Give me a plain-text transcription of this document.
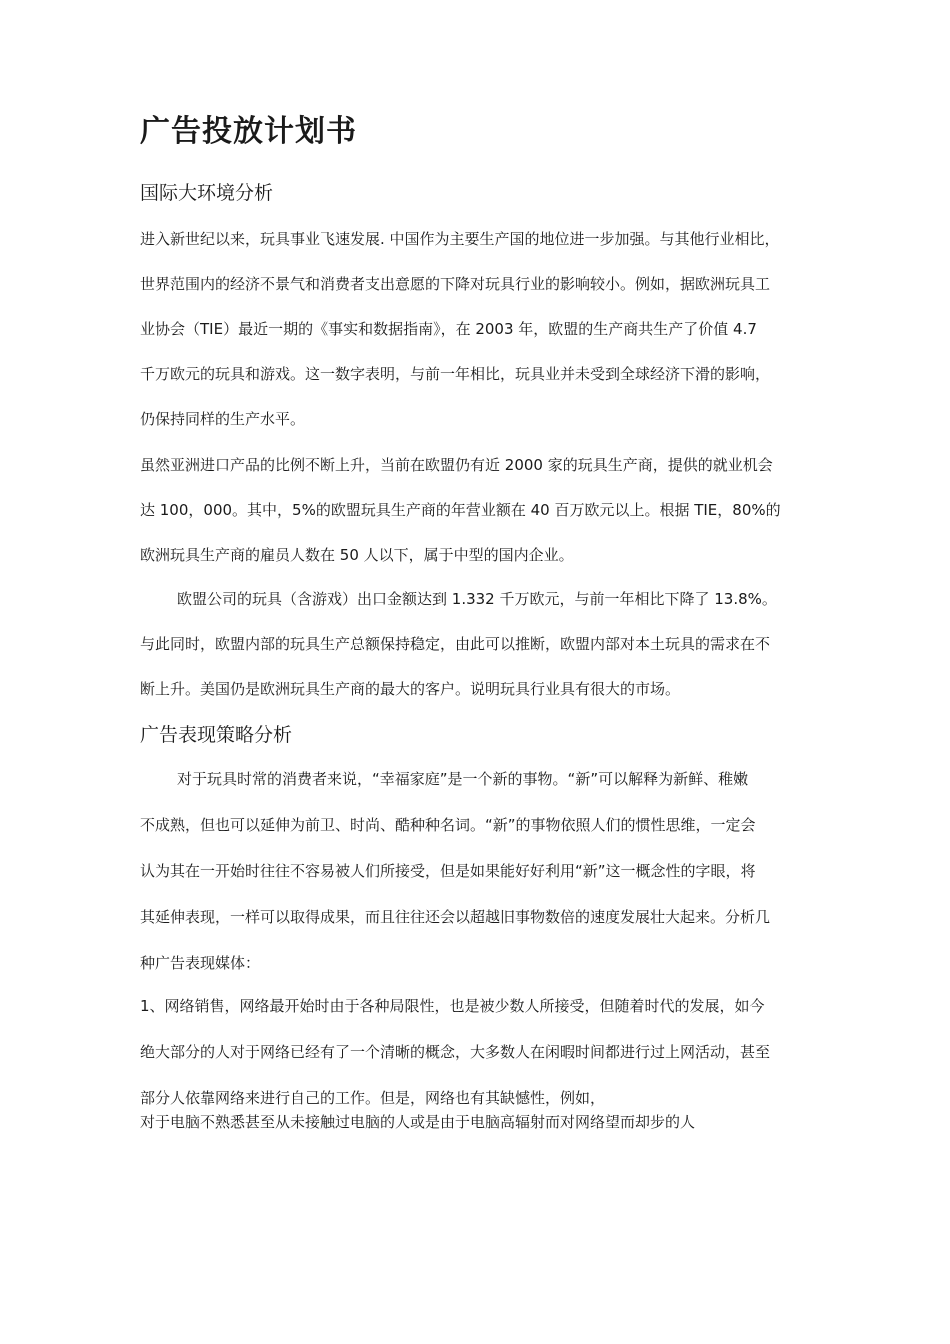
广告投放计划书
国际大环境分析
进入新世纪以来，玩具事业飞速发展. 中国作为主要生产国的地位进一步加强。与其他行业相比，
世界范围内的经济不景气和消费者支出意愿的下降对玩具行业的影响较小。例如，据欧洲玩具工
业协会（TIE）最近一期的《事实和数据指南》，在 2003 年，欧盟的生产商共生产了价值 4.7
千万欧元的玩具和游戏。这一数字表明，与前一年相比，玩具业并未受到全球经济下滑的影响，
仍保持同样的生产水平。
虽然亚洲进口产品的比例不断上升，当前在欧盟仍有近 2000 家的玩具生产商，提供的就业机会
达 100，000。其中，5%的欧盟玩具生产商的年营业额在 40 百万欧元以上。根据 TIE，80%的
欧洲玩具生产商的雇员人数在 50 人以下，属于中型的国内企业。
欧盟公司的玩具（含游戏）出口金额达到 1.332 千万欧元，与前一年相比下降了 13.8%。
与此同时，欧盟内部的玩具生产总额保持稳定，由此可以推断，欧盟内部对本土玩具的需求在不
断上升。美国仍是欧洲玩具生产商的最大的客户。说明玩具行业具有很大的市场。
广告表现策略分析
对于玩具时常的消费者来说，“幸福家庭”是一个新的事物。“新”可以解释为新鲜、稚嫩
不成熟，但也可以延伸为前卫、时尚、酷种种名词。“新”的事物依照人们的惯性思维，一定会
认为其在一开始时往往不容易被人们所接受，但是如果能好好利用“新”这一概念性的字眼，将
其延伸表现，一样可以取得成果，而且往往还会以超越旧事物数倍的速度发展壮大起来。分析几
种广告表现媒体：
1、网络销售，网络最开始时由于各种局限性，也是被少数人所接受，但随着时代的发展，如今
绝大部分的人对于网络已经有了一个清晰的概念，大多数人在闲暇时间都进行过上网活动，甚至
部分人依靠网络来进行自己的工作。但是，网络也有其缺憾性，例如，
对于电脑不熟悉甚至从未接触过电脑的人或是由于电脑高辐射而对网络望而却步的人
